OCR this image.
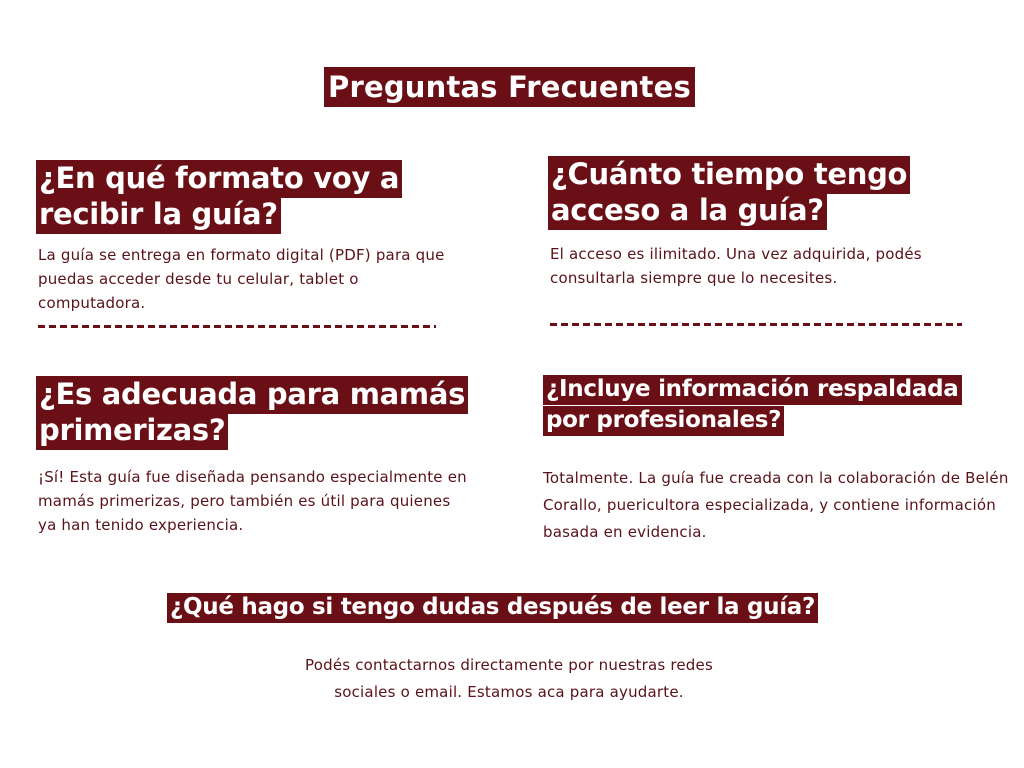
Preguntas Frecuentes
¿En qué formato voy a
recibir la guía?

La guía se entrega en formato digital (PDF) para que puedas acceder desde tu celular, tablet o computadora.

¿Cuánto tiempo tengo
acceso a la guía?

El acceso es ilimitado. Una vez adquirida, podés consultarla siempre que lo necesites.

¿Es adecuada para mamás
primerizas?

¡Sí! Esta guía fue diseñada pensando especialmente en mamás primerizas, pero también es útil para quienes ya han tenido experiencia.

¿Incluye información respaldada
por profesionales?

Totalmente. La guía fue creada con la colaboración de Belén Corallo, puericultora especializada, y contiene información basada en evidencia.

¿Qué hago si tengo dudas después de leer la guía?

Podés contactarnos directamente por nuestras redes sociales o email. Estamos aca para ayudarte.
